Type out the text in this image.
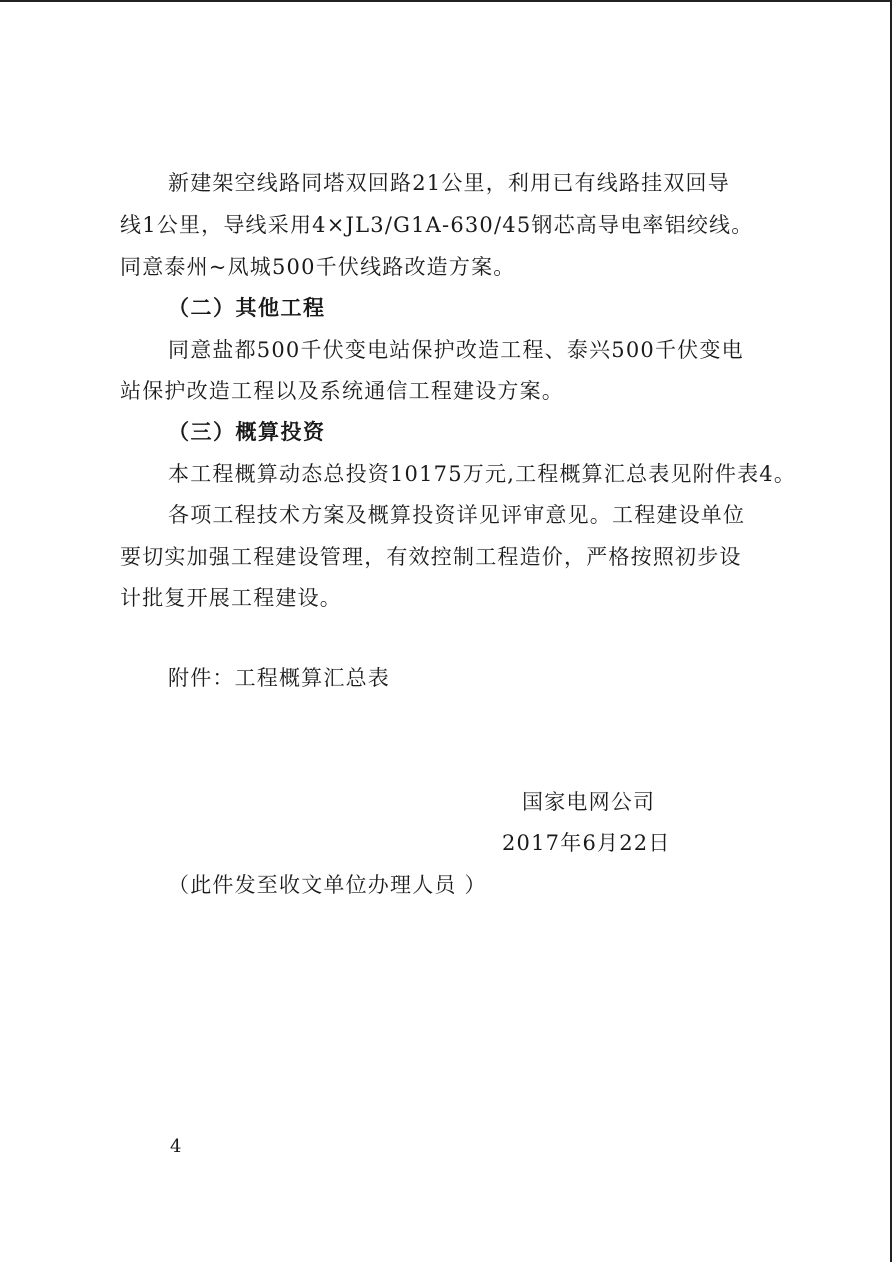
新建架空线路同塔双回路21公里，利用已有线路挂双回导
线1公里，导线采用4×JL3/G1A-630/45钢芯高导电率铝绞线。
同意泰州~凤城500千伏线路改造方案。
（二）其他工程
同意盐都500千伏变电站保护改造工程、泰兴500千伏变电
站保护改造工程以及系统通信工程建设方案。
（三）概算投资
本工程概算动态总投资10175万元,工程概算汇总表见附件表4。
各项工程技术方案及概算投资详见评审意见。工程建设单位
要切实加强工程建设管理，有效控制工程造价，严格按照初步设
计批复开展工程建设。
附件：工程概算汇总表
国家电网公司
2017年6月22日
（此件发至收文单位办理人员 ）
4
